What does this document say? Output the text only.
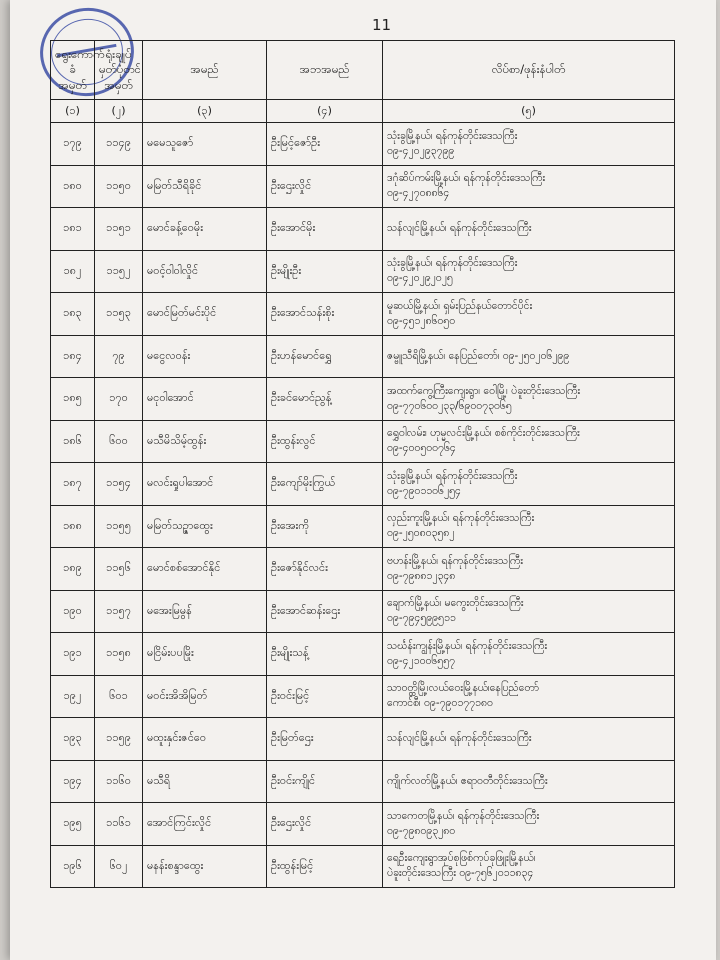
11
ရွေးကောက်ခံ အမှတ်	ရုံးချုပ် မှတ်ပုံတင် အမှတ်	အမည်	အဘအမည်	လိပ်စာ/ဖုန်းနံပါတ်
(၁)	(၂)	(၃)	(၄)	(၅)
၁၇၉	၁၁၄၉	မမေသူဇော်	ဦးမြင့်ဇော်ဦး	သုံးခွမြို့နယ်၊ ရန်ကုန်တိုင်းဒေသကြီး
၀၉-၄၂၀၂၉၃၇၉၉

၁၈၀	၁၁၅၀	မမြတ်သီရိခိုင်	ဦးဌေးလှိုင်	ဒဂုံဆိပ်ကမ်းမြို့နယ်၊ ရန်ကုန်တိုင်းဒေသကြီး
၀၉-၄၂၇၀၈၈၆၄

၁၈၁	၁၁၅၁	မောင်ခန့်ဝေမိုး	ဦးအောင်မိုး	သန်လျင်မြို့နယ်၊ ရန်ကုန်တိုင်းဒေသကြီး

၁၈၂	၁၁၅၂	မဝင့်ဝါဝါလှိုင်	ဦးမျိုးဦး	သုံးခွမြို့နယ်၊ ရန်ကုန်တိုင်းဒေသကြီး
၀၉-၄၂၀၂၉၂၀၂၅

၁၈၃	၁၁၅၃	မောင်မြတ်မင်းပိုင်	ဦးအောင်သန်းစိုး	မူဆယ်မြို့နယ်၊ ရှမ်းပြည်နယ်တောင်ပိုင်း
၀၉-၄၅၁၂၈၆၀၅၀

၁၈၄	၇၉	မငွေလဝန်း	ဦးဟန်မောင်ရွှေ	ဇမ္ဗူသီရိမြို့နယ်၊ နေပြည်တော်၊ ၀၉-၂၅၀၂၀၆၂၉၉

၁၈၅	၁၇၀	မငုဝါအောင်	ဦးခင်မောင်ညွန့်	အထက်ကွေ့ကြီးကျေးရွာ၊ ဝေါမြို့၊ ပဲခူးတိုင်းဒေသကြီး
၀၉-၇၇၀၆၀၀၂၃၃/၆၉၀၀၇၃၀၆၅

၁၈၆	၆၀၀	မသီမိသိမ့်ထွန်း	ဦးထွန်းလွင်	ရွှေဝါလမ်း၊ ဟုမ္မလင်းမြို့နယ်၊ စစ်ကိုင်းတိုင်းဒေသကြီး
၀၉-၄၀၀၅၀၀၇၆၄

၁၈၇	၁၁၅၄	မလင်းရှုပါအောင်	ဦးကျော်မိုးကြွယ်	သုံးခွမြို့နယ်၊ ရန်ကုန်တိုင်းဒေသကြီး
၀၉-၇၉၀၁၁၀၆၂၅၄

၁၈၈	၁၁၅၅	မမြတ်သဉ္ဇာထွေး	ဦးအေးကို	လှည်းကူးမြို့နယ်၊ ရန်ကုန်တိုင်းဒေသကြီး
၀၉-၂၅၀၈၀၃၅၈၂

၁၈၉	၁၁၅၆	မောင်စစ်အောင်နိုင်	ဦးဇော်နိုင်လင်း	ဗဟန်းမြို့နယ်၊ ရန်ကုန်တိုင်းဒေသကြီး
၀၉-၇၉၈၈၁၂၃၄၈

၁၉၀	၁၁၅၇	မအေးမြမွန်	ဦးအောင်ဆန်းဌေး	ချောက်မြို့နယ်၊ မကွေးတိုင်းဒေသကြီး
၀၉-၇၉၄၅၉၉၅၁၁

၁၉၁	၁၁၅၈	မငြိမ်းပပမြိုး	ဦးမျိုးသန့်	သင်္ဃန်းကျွန်းမြို့နယ်၊ ရန်ကုန်တိုင်းဒေသကြီး
၀၉-၄၂၁၀၀၆၅၅၇

၁၉၂	၆၀၁	မဝင်းအိအိမြတ်	ဦးဝင်းမြင့်	သာဝတ္ထိမြို့၊လယ်ဝေးမြို့နယ်၊နေပြည်တော်
ကောင်စီ၊ ၀၉-၇၉၀၁၇၇၁၈၀

၁၉၃	၁၁၅၉	မထူးနှင်းဇင်ဝေ	ဦးမြတ်ဌေး	သန်လျင်မြို့နယ်၊ ရန်ကုန်တိုင်းဒေသကြီး

၁၉၄	၁၁၆၀	မသီရိ	ဦးဝင်းကျိုင်	ကျိုက်လတ်မြို့နယ်၊ ဧရာဝတီတိုင်းဒေသကြီး

၁၉၅	၁၁၆၁	အောင်ကြင်းလှိုင်	ဦးဌေးလှိုင်	သာကေတမြို့နယ်၊ ရန်ကုန်တိုင်းဒေသကြီး
၀၉-၇၉၈၀၉၃၂၈၀

၁၉၆	၆၀၂	မနန်းစန္ဒာထွေး	ဦးထွန်းမြင့်	ရေဦးကျေးရွာအုပ်စုဖြစ်ကုပ်ခုဖြူးမြို့နယ်၊
ပဲခူးတိုင်းဒေသကြီး ၀၉-၇၅၆၂၀၁၁၈၃၄
